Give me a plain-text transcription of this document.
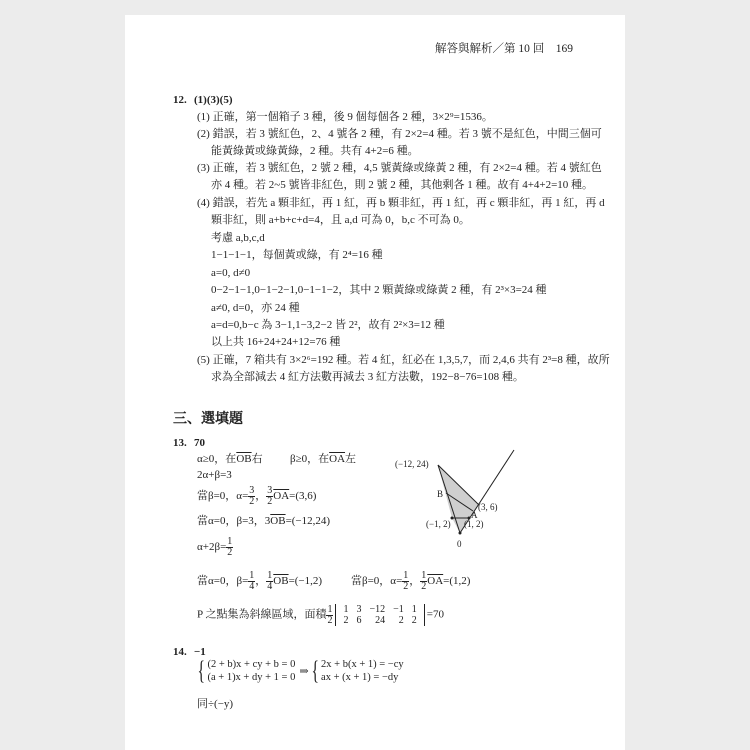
解答與解析／第 10 回　169
12. (1)(3)(5)
(1) 正確，第一個箱子 3 種，後 9 個每個各 2 種，3×2⁹=1536。
(2) 錯誤，若 3 號紅色，2、4 號各 2 種，有 2×2=4 種。若 3 號不是紅色，中間三個可
能黃綠黃或綠黃綠，2 種。共有 4+2=6 種。
(3) 正確，若 3 號紅色，2 號 2 種，4,5 號黃綠或綠黃 2 種，有 2×2=4 種。若 4 號紅色
亦 4 種。若 2~5 號皆非紅色，則 2 號 2 種，其他剩各 1 種。故有 4+4+2=10 種。
(4) 錯誤，若先 a 顆非紅，再 1 紅，再 b 顆非紅，再 1 紅，再 c 顆非紅，再 1 紅，再 d
顆非紅，則 a+b+c+d=4，且 a,d 可為 0，b,c 不可為 0。
考慮 a,b,c,d
1−1−1−1，每個黃或綠，有 2⁴=16 種
a=0, d≠0
0−2−1−1,0−1−2−1,0−1−1−2，其中 2 顆黃綠或綠黃 2 種，有 2³×3=24 種
a≠0, d=0，亦 24 種
a=d=0,b−c 為 3−1,1−3,2−2 皆 2²，故有 2²×3=12 種
以上共 16+24+24+12=76 種
(5) 正確，7 箱共有 3×2⁶=192 種。若 4 紅，紅必在 1,3,5,7，而 2,4,6 共有 2³=8 種，故所
求為全部減去 4 紅方法數再減去 3 紅方法數，192−8−76=108 種。
三、選填題
13. 70
α≥0，在$\overline{OB}$右 β≥0，在$\overline{OA}$左
2α+β=3
當β=0，$\alpha= \frac{3}{2}$ ， $\frac{3}{2} \overline{OA}=(3,6)$
當α=0，β=3，$3\overline{OB}=(-12,24)$
$\alpha+2\beta= \frac{1}{2}$
當α=0，$\beta= \frac{1}{4}$ ， $\frac{1}{4} \overline{OB}=(-1,2)$	當β=0，$\alpha= \frac{1}{2}$ ， $\frac{1}{2} \overline{OA}=(1,2)$
P 之點集為斜線區域，面積 $\frac{1}{2} 1$	3	−12	−1	1
2	6	24	2	2 =70
(−12, 24)
B
(3, 6)
A
(−1, 2) (1, 2)
0
14. −1
{ (2 + b)x + cy + b = 0
(a + 1)x + dy + 1 = 0 ⇒{ 2x + b(x + 1) = −cy
ax + (x + 1) = −dy
同÷(−y)
